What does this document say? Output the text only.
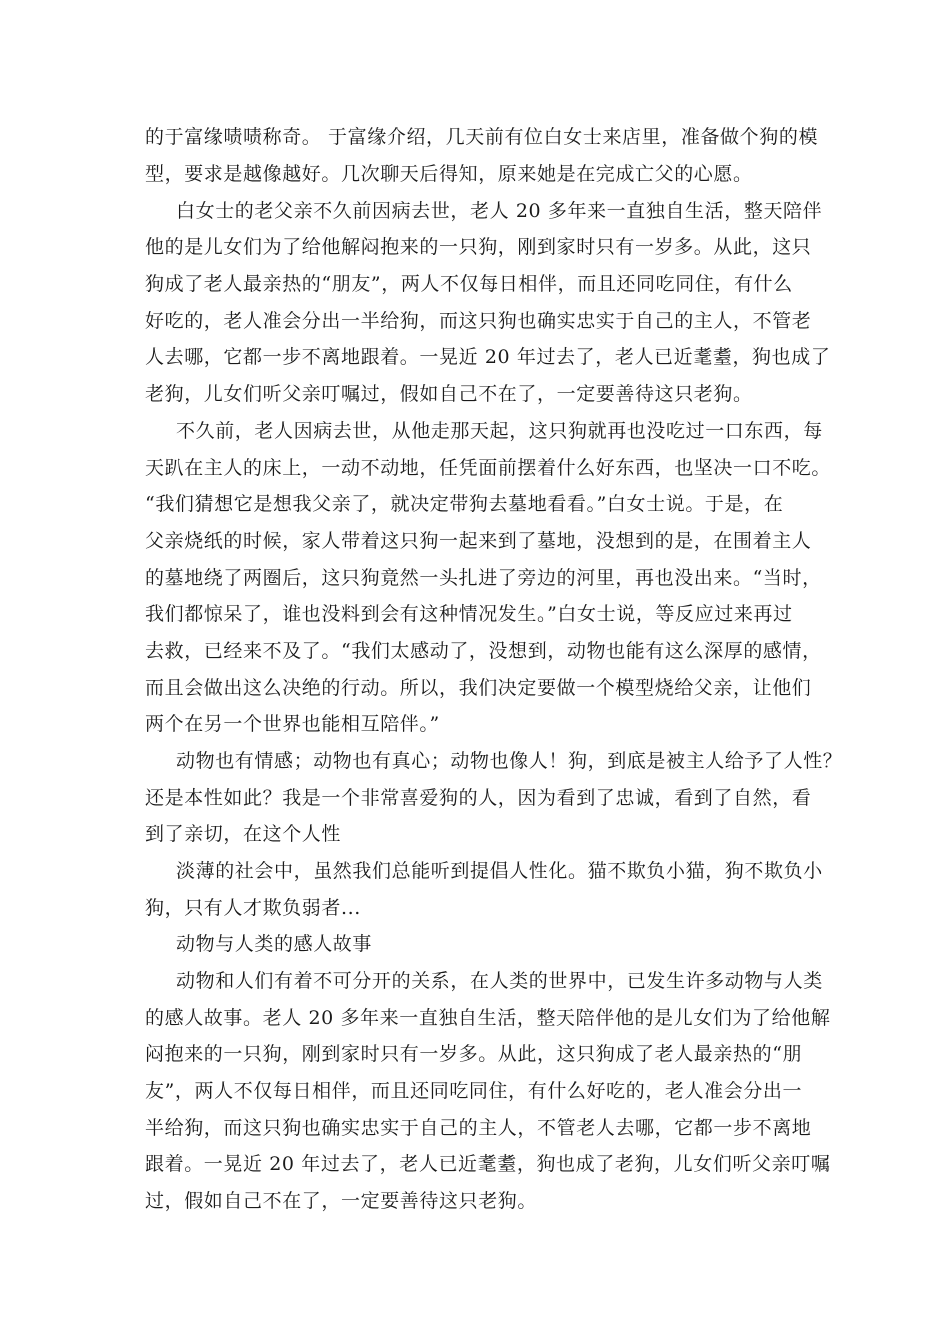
的于富缘啧啧称奇。 于富缘介绍，几天前有位白女士来店里，准备做个狗的模
型，要求是越像越好。几次聊天后得知，原来她是在完成亡父的心愿。
白女士的老父亲不久前因病去世，老人 20 多年来一直独自生活，整天陪伴
他的是儿女们为了给他解闷抱来的一只狗，刚到家时只有一岁多。从此，这只
狗成了老人最亲热的“朋友”，两人不仅每日相伴，而且还同吃同住，有什么
好吃的，老人准会分出一半给狗，而这只狗也确实忠实于自己的主人，不管老
人去哪，它都一步不离地跟着。一晃近 20 年过去了，老人已近耄耋，狗也成了
老狗，儿女们听父亲叮嘱过，假如自己不在了，一定要善待这只老狗。
不久前，老人因病去世，从他走那天起，这只狗就再也没吃过一口东西，每
天趴在主人的床上，一动不动地，任凭面前摆着什么好东西，也坚决一口不吃。
“我们猜想它是想我父亲了，就决定带狗去墓地看看。”白女士说。于是，在
父亲烧纸的时候，家人带着这只狗一起来到了墓地，没想到的是，在围着主人
的墓地绕了两圈后，这只狗竟然一头扎进了旁边的河里，再也没出来。“当时，
我们都惊呆了，谁也没料到会有这种情况发生。”白女士说，等反应过来再过
去救，已经来不及了。“我们太感动了，没想到，动物也能有这么深厚的感情，
而且会做出这么决绝的行动。所以，我们决定要做一个模型烧给父亲，让他们
两个在另一个世界也能相互陪伴。”
动物也有情感；动物也有真心；动物也像人！狗，到底是被主人给予了人性？
还是本性如此？我是一个非常喜爱狗的人，因为看到了忠诚，看到了自然，看
到了亲切，在这个人性
淡薄的社会中，虽然我们总能听到提倡人性化。猫不欺负小猫，狗不欺负小
狗，只有人才欺负弱者...
动物与人类的感人故事
动物和人们有着不可分开的关系，在人类的世界中，已发生许多动物与人类
的感人故事。老人 20 多年来一直独自生活，整天陪伴他的是儿女们为了给他解
闷抱来的一只狗，刚到家时只有一岁多。从此，这只狗成了老人最亲热的“朋
友”，两人不仅每日相伴，而且还同吃同住，有什么好吃的，老人准会分出一
半给狗，而这只狗也确实忠实于自己的主人，不管老人去哪，它都一步不离地
跟着。一晃近 20 年过去了，老人已近耄耋，狗也成了老狗，儿女们听父亲叮嘱
过，假如自己不在了，一定要善待这只老狗。
